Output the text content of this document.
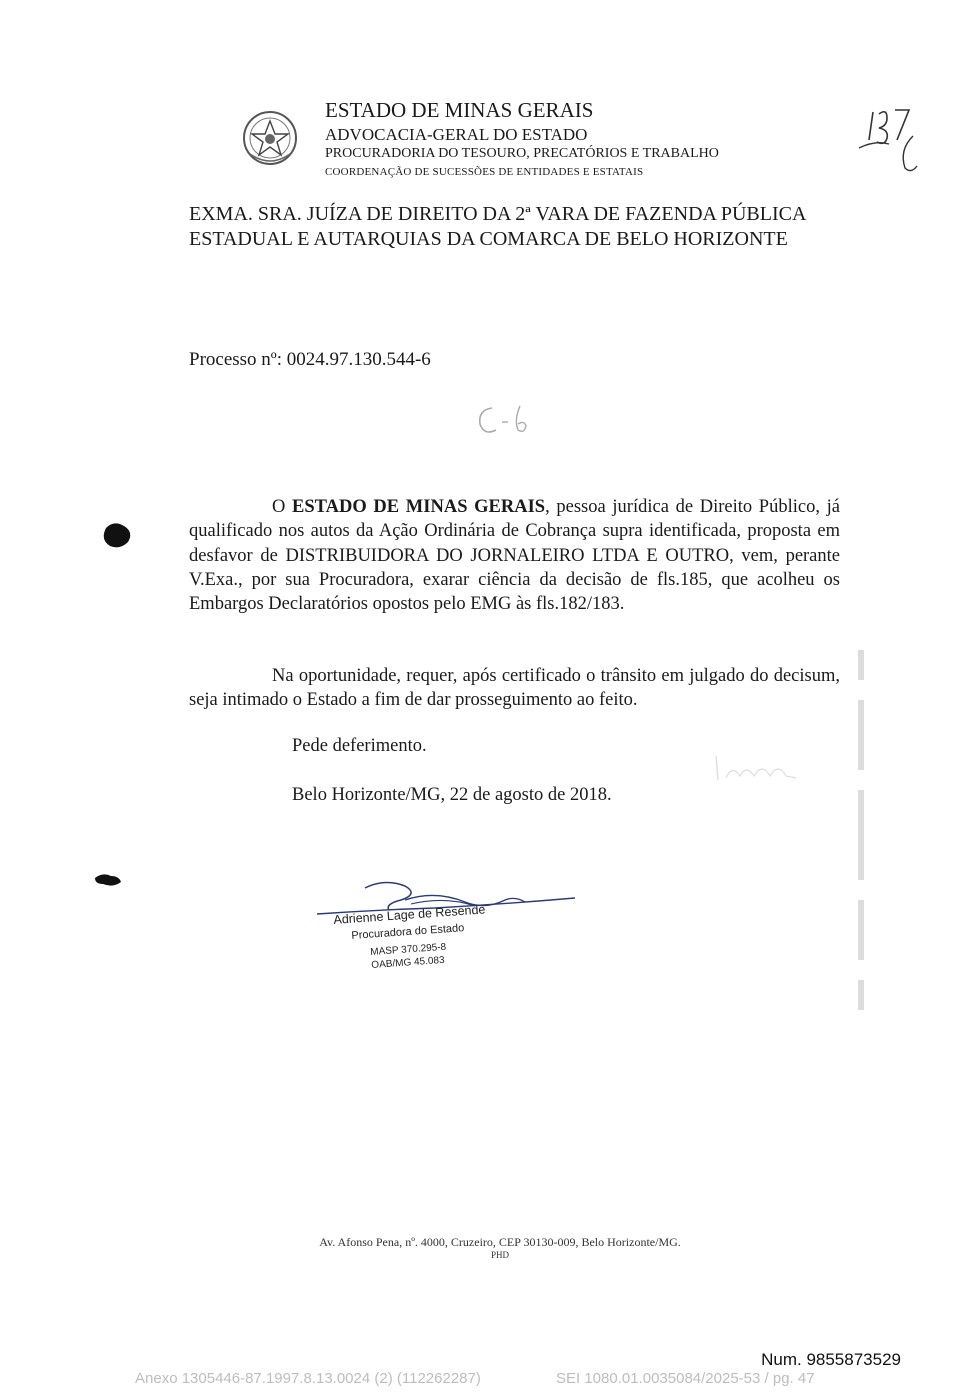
ESTADO DE MINAS GERAIS
ADVOCACIA-GERAL DO ESTADO
PROCURADORIA DO TESOURO, PRECATÓRIOS E TRABALHO
COORDENAÇÃO DE SUCESSÕES DE ENTIDADES E ESTATAIS
EXMA. SRA. JUÍZA DE DIREITO DA 2ª VARA DE FAZENDA PÚBLICA ESTADUAL E AUTARQUIAS DA COMARCA DE BELO HORIZONTE
Processo nº: 0024.97.130.544-6
O ESTADO DE MINAS GERAIS, pessoa jurídica de Direito Público, já qualificado nos autos da Ação Ordinária de Cobrança supra identificada, proposta em desfavor de DISTRIBUIDORA DO JORNALEIRO LTDA E OUTRO, vem, perante V.Exa., por sua Procuradora, exarar ciência da decisão de fls.185, que acolheu os Embargos Declaratórios opostos pelo EMG às fls.182/183.
Na oportunidade, requer, após certificado o trânsito em julgado do decisum, seja intimado o Estado a fim de dar prosseguimento ao feito.
Pede deferimento.
Belo Horizonte/MG, 22 de agosto de 2018.
Adrienne Lage de Resende
Procuradora do Estado
MASP 370.295-8
OAB/MG 45.083
Av. Afonso Pena, nº. 4000, Cruzeiro, CEP 30130-009, Belo Horizonte/MG.
PHD
Num. 9855873529
Anexo 1305446-87.1997.8.13.0024 (2) (112262287)	SEI 1080.01.0035084/2025-53 / pg. 47
